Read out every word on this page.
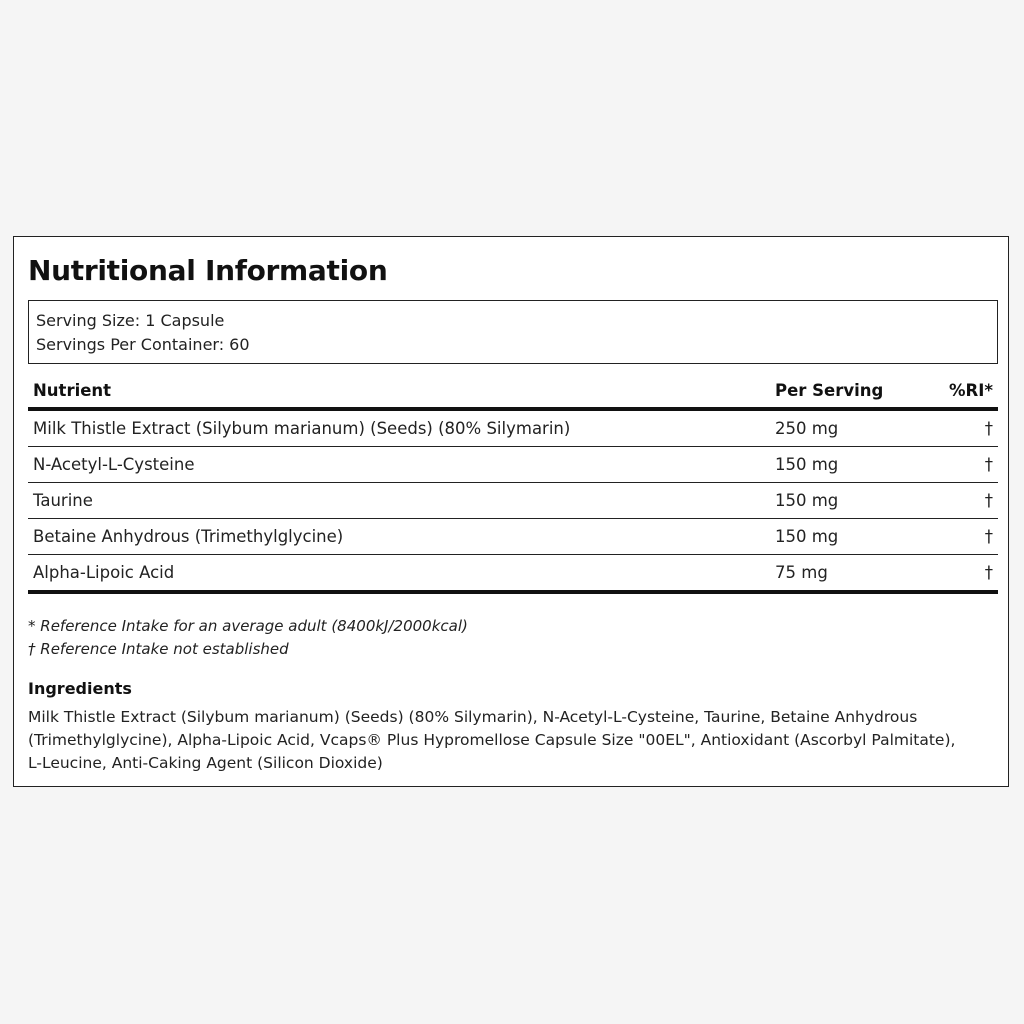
Nutritional Information
Serving Size: 1 Capsule
Servings Per Container: 60
Nutrient	Per Serving	%RI*
Milk Thistle Extract (Silybum marianum) (Seeds) (80% Silymarin)	250 mg	†
N-Acetyl-L-Cysteine	150 mg	†
Taurine	150 mg	†
Betaine Anhydrous (Trimethylglycine)	150 mg	†
Alpha-Lipoic Acid	75 mg	†
* Reference Intake for an average adult (8400kJ/2000kcal)
† Reference Intake not established
Ingredients

Milk Thistle Extract (Silybum marianum) (Seeds) (80% Silymarin), N-Acetyl-L-Cysteine, Taurine, Betaine Anhydrous (Trimethylglycine), Alpha-Lipoic Acid, Vcaps® Plus Hypromellose Capsule Size "00EL", Antioxidant (Ascorbyl Palmitate), L-Leucine, Anti-Caking Agent (Silicon Dioxide)
